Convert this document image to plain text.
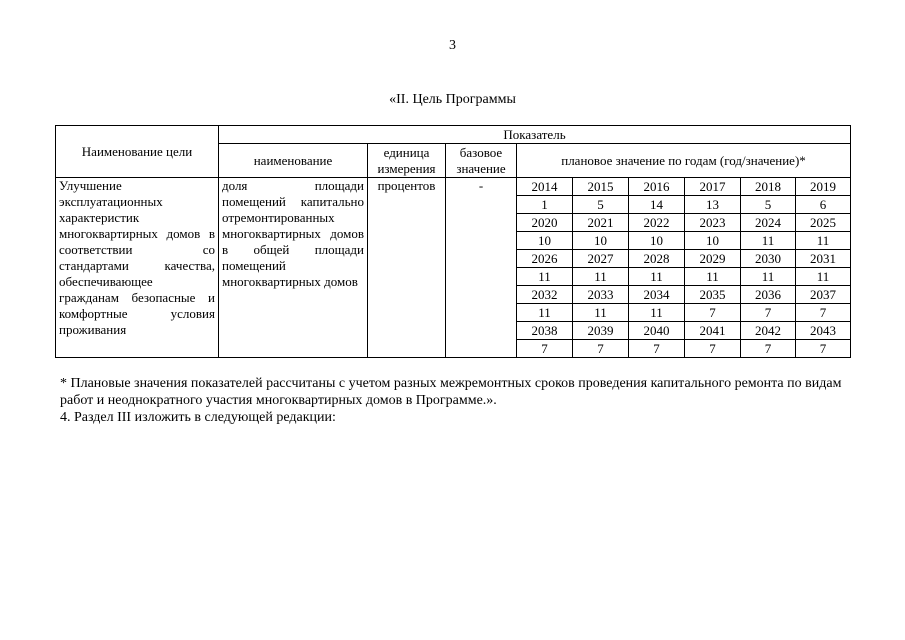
3
«II. Цель Программы
Наименование цели	Показатель								
	наименование	единица измерения	базовое значение	плановое значение по годам (год/значение)*					
Улучшение эксплуатационных характеристик многоквартирных домов в соответствии со стандартами качества, обеспечивающее гражданам безопасные и комфортные условия проживания	доля площади помещений капитально отремонтированных многоквартирных домов в общей площади помещений многоквартирных домов	процентов	-	2014	2015	2016	2017	2018	2019
				1	5	14	13	5	6
				2020	2021	2022	2023	2024	2025
				10	10	10	10	11	11
				2026	2027	2028	2029	2030	2031
				11	11	11	11	11	11
				2032	2033	2034	2035	2036	2037
				11	11	11	7	7	7
				2038	2039	2040	2041	2042	2043
				7	7	7	7	7	7

* Плановые значения показателей рассчитаны с учетом разных межремонтных сроков проведения капитального ремонта по видам работ и неоднократного участия многоквартирных домов в Программе.».

4. Раздел III изложить в следующей редакции:
